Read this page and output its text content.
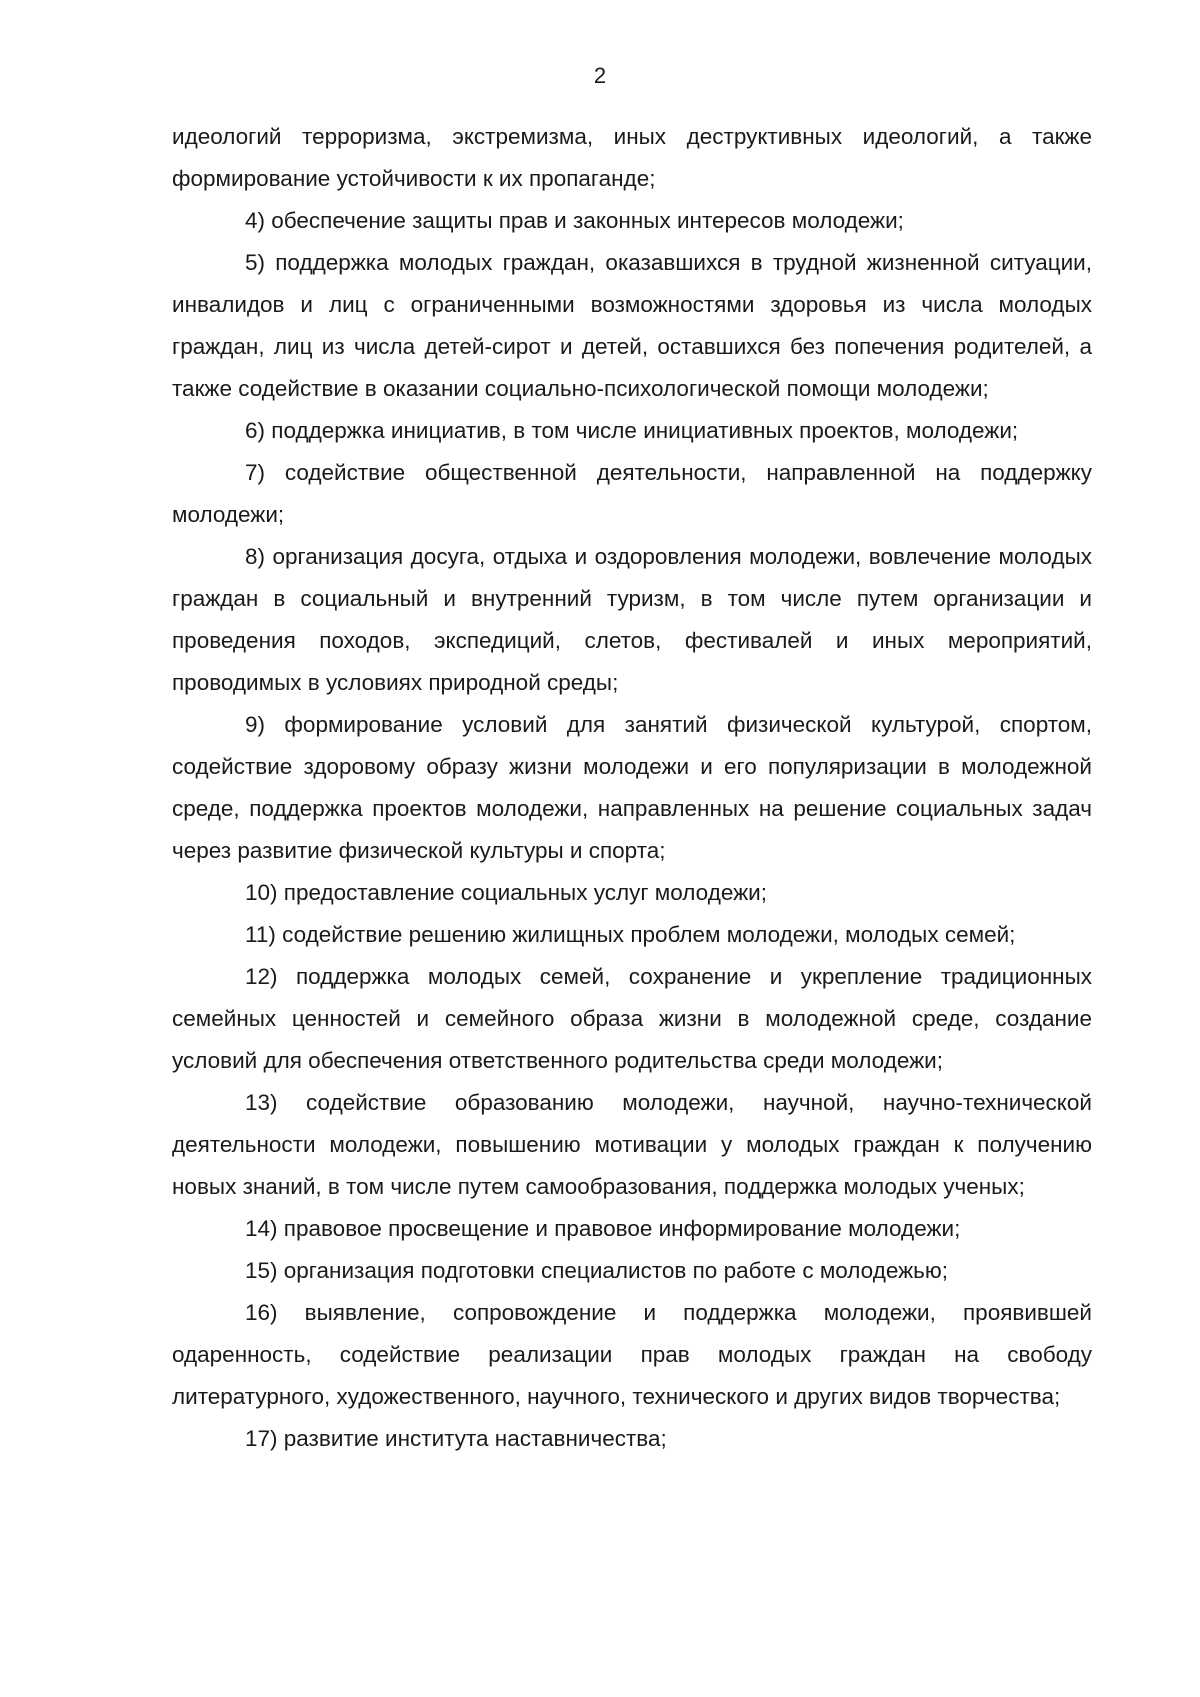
2

идеологий терроризма, экстремизма, иных деструктивных идеологий, а также формирование устойчивости к их пропаганде;

4) обеспечение защиты прав и законных интересов молодежи;

5) поддержка молодых граждан, оказавшихся в трудной жизненной ситуации, инвалидов и лиц с ограниченными возможностями здоровья из числа молодых граждан, лиц из числа детей-сирот и детей, оставшихся без попечения родителей, а также содействие в оказании социально-психологической помощи молодежи;

6) поддержка инициатив, в том числе инициативных проектов, молодежи;

7) содействие общественной деятельности, направленной на поддержку молодежи;

8) организация досуга, отдыха и оздоровления молодежи, вовлечение молодых граждан в социальный и внутренний туризм, в том числе путем организации и проведения походов, экспедиций, слетов, фестивалей и иных мероприятий, проводимых в условиях природной среды;

9) формирование условий для занятий физической культурой, спортом, содействие здоровому образу жизни молодежи и его популяризации в молодежной среде, поддержка проектов молодежи, направленных на решение социальных задач через развитие физической культуры и спорта;

10) предоставление социальных услуг молодежи;

11) содействие решению жилищных проблем молодежи, молодых семей;

12) поддержка молодых семей, сохранение и укрепление традиционных семейных ценностей и семейного образа жизни в молодежной среде, создание условий для обеспечения ответственного родительства среди молодежи;

13) содействие образованию молодежи, научной, научно-технической деятельности молодежи, повышению мотивации у молодых граждан к получению новых знаний, в том числе путем самообразования, поддержка молодых ученых;

14) правовое просвещение и правовое информирование молодежи;

15) организация подготовки специалистов по работе с молодежью;

16) выявление, сопровождение и поддержка молодежи, проявившей одаренность, содействие реализации прав молодых граждан на свободу литературного, художественного, научного, технического и других видов творчества;

17) развитие института наставничества;
